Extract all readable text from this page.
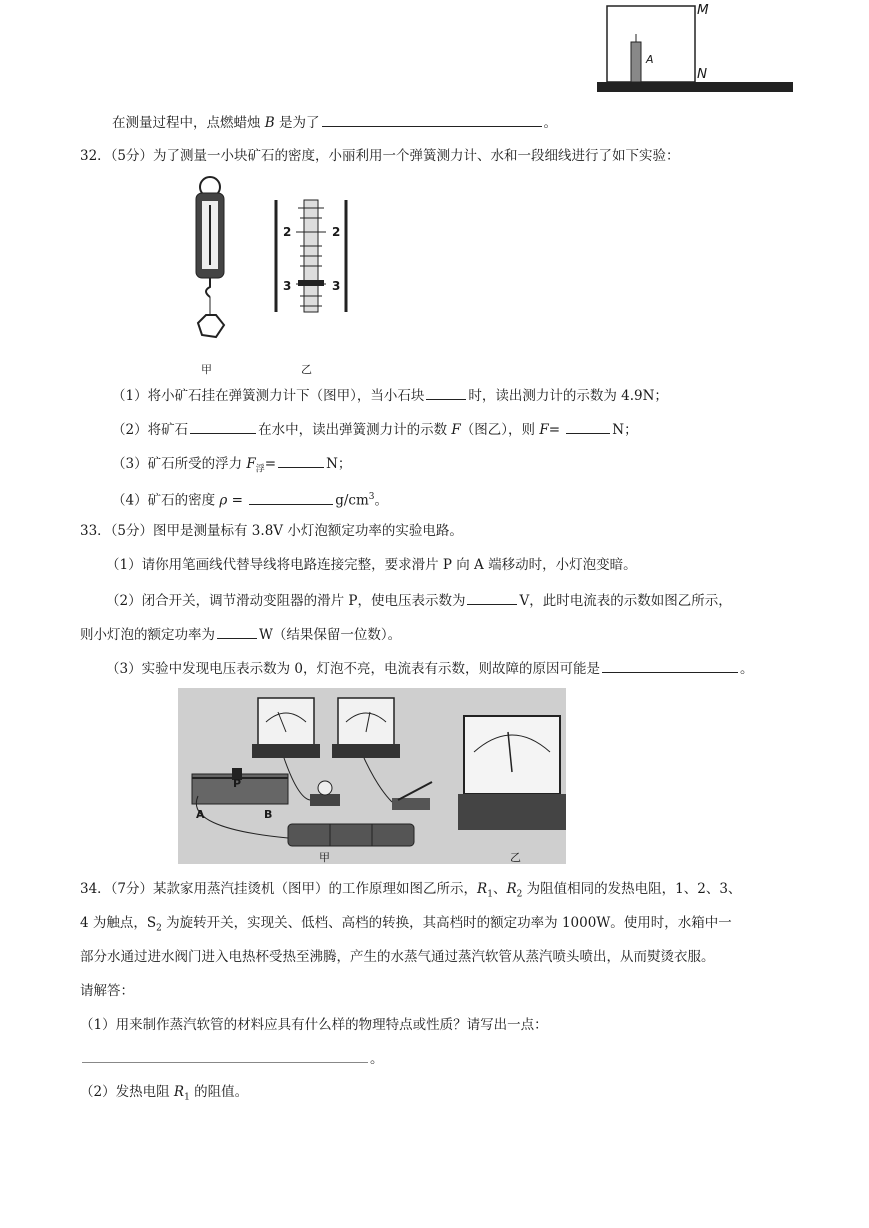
M
N
A
在测量过程中，点燃蜡烛 B 是为了	。
32．（5分）为了测量一小块矿石的密度，小丽利用一个弹簧测力计、水和一段细线进行了如下实验：
甲
2	2
3	3
乙
（1）将小矿石挂在弹簧测力计下（图甲），当小石块	时，读出测力计的示数为 4.9N；
（2）将矿石	在水中，读出弹簧测力计的示数 F（图乙），则 F=	N；
（3）矿石所受的浮力 $F_浮=$	N；
（4）矿石的密度 ρ =	$g/cm^3$。
33．（5分）图甲是测量标有 3.8V 小灯泡额定功率的实验电路。
（1）请你用笔画线代替导线将电路连接完整，要求滑片 P 向 A 端移动时，小灯泡变暗。
（2）闭合开关，调节滑动变阻器的滑片 P，使电压表示数为	V，此时电流表的示数如图乙所示，
则小灯泡的额定功率为	W（结果保留一位数）。
（3）实验中发现电压表示数为 0，灯泡不亮，电流表有示数，则故障的原因可能是	。
P
A	B
甲	乙
34．（7分）某款家用蒸汽挂烫机（图甲）的工作原理如图乙所示，$R_1$、$R_2$ 为阻值相同的发热电阻，1、2、3、
4 为触点，$S_2$ 为旋转开关，实现关、低档、高档的转换，其高档时的额定功率为 1000W。使用时，水箱中一
部分水通过进水阀门进入电热杯受热至沸腾，产生的水蒸气通过蒸汽软管从蒸汽喷头喷出，从而熨烫衣服。
请解答：
（1）用来制作蒸汽软管的材料应具有什么样的物理特点或性质？请写出一点：
。
（2）发热电阻 $R_1$ 的阻值。
